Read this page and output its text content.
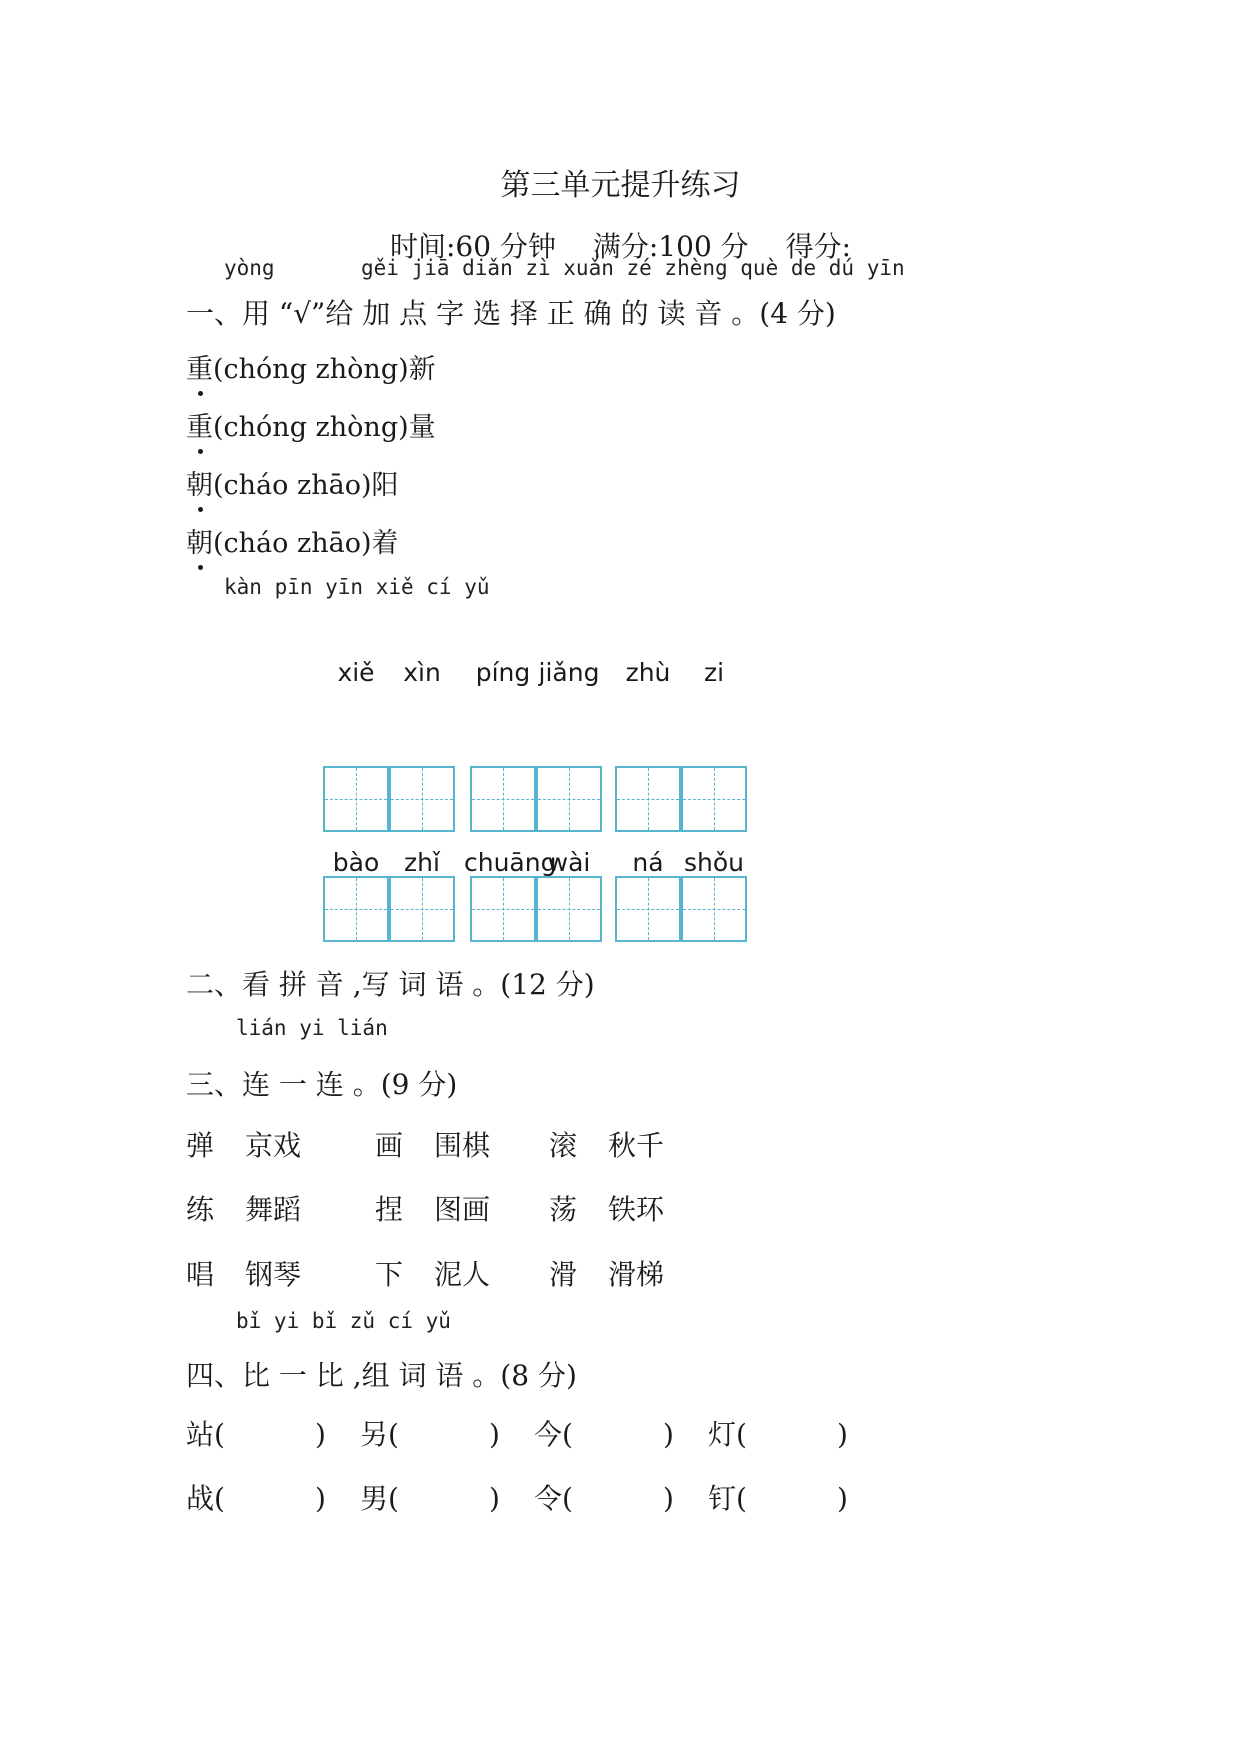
第三单元提升练习
时间:60 分钟 满分:100 分 得分:
yòng	gěi jiā diǎn zì xuǎn zé zhèng què de dú yīn
一、用 “√”给 加 点 字 选 择 正 确 的 读 音 。(4 分)
重
(chóng zhòng)新
重
(chóng zhòng)量
朝
(cháo zhāo)阳
朝
(cháo zhāo)着
kàn pīn yīn xiě cí yǔ
xiě	xìn	píng jiǎng	zhù	zi
bào zhǐ chuāng
wài	ná shǒu
二、看 拼 音 ,写 词 语 。(12 分)
lián yi lián
三、连 一 连 。(9 分)
弹 京戏	画 围棋 滚 秋千
练 舞蹈	捏 图画 荡 铁环
唱 钢琴	下 泥人 滑 滑梯
bǐ yi bǐ zǔ cí yǔ
四、比 一 比 ,组 词 语 。(8 分)
站(	) 另(	) 今(	) 灯(	)
战(	) 男(	) 令(	) 钉(	)
